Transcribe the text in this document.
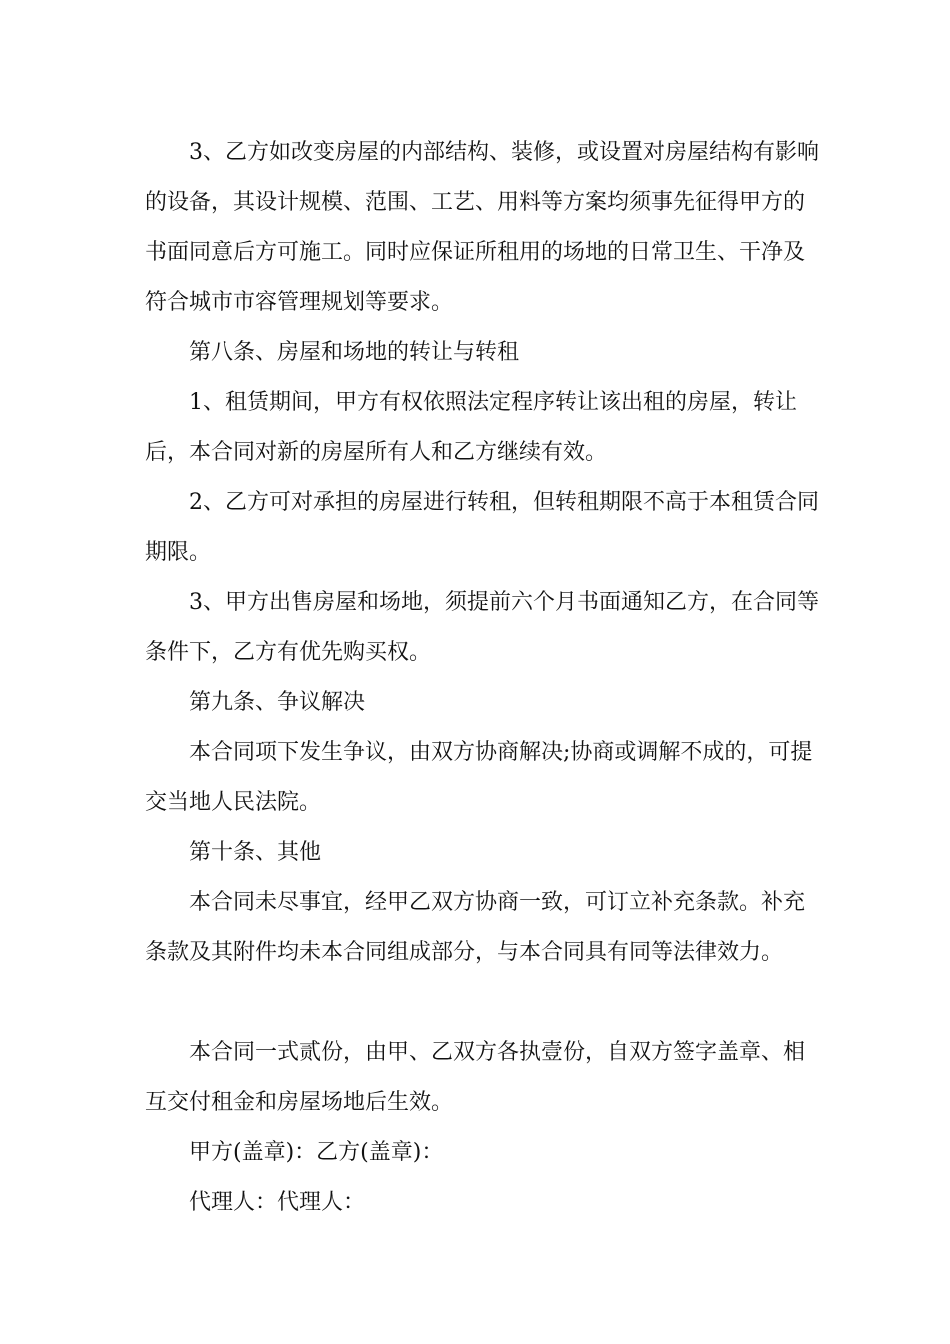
3、乙方如改变房屋的内部结构、装修，或设置对房屋结构有影响的设备，其设计规模、范围、工艺、用料等方案均须事先征得甲方的书面同意后方可施工。同时应保证所租用的场地的日常卫生、干净及符合城市市容管理规划等要求。

第八条、房屋和场地的转让与转租

1、租赁期间，甲方有权依照法定程序转让该出租的房屋，转让后，本合同对新的房屋所有人和乙方继续有效。

2、乙方可对承担的房屋进行转租，但转租期限不高于本租赁合同期限。

3、甲方出售房屋和场地，须提前六个月书面通知乙方，在合同等条件下，乙方有优先购买权。

第九条、争议解决

本合同项下发生争议，由双方协商解决;协商或调解不成的，可提交当地人民法院。

第十条、其他

本合同未尽事宜，经甲乙双方协商一致，可订立补充条款。补充条款及其附件均未本合同组成部分，与本合同具有同等法律效力。

本合同一式贰份，由甲、乙双方各执壹份，自双方签字盖章、相互交付租金和房屋场地后生效。

甲方(盖章)：乙方(盖章)：

代理人：代理人：
